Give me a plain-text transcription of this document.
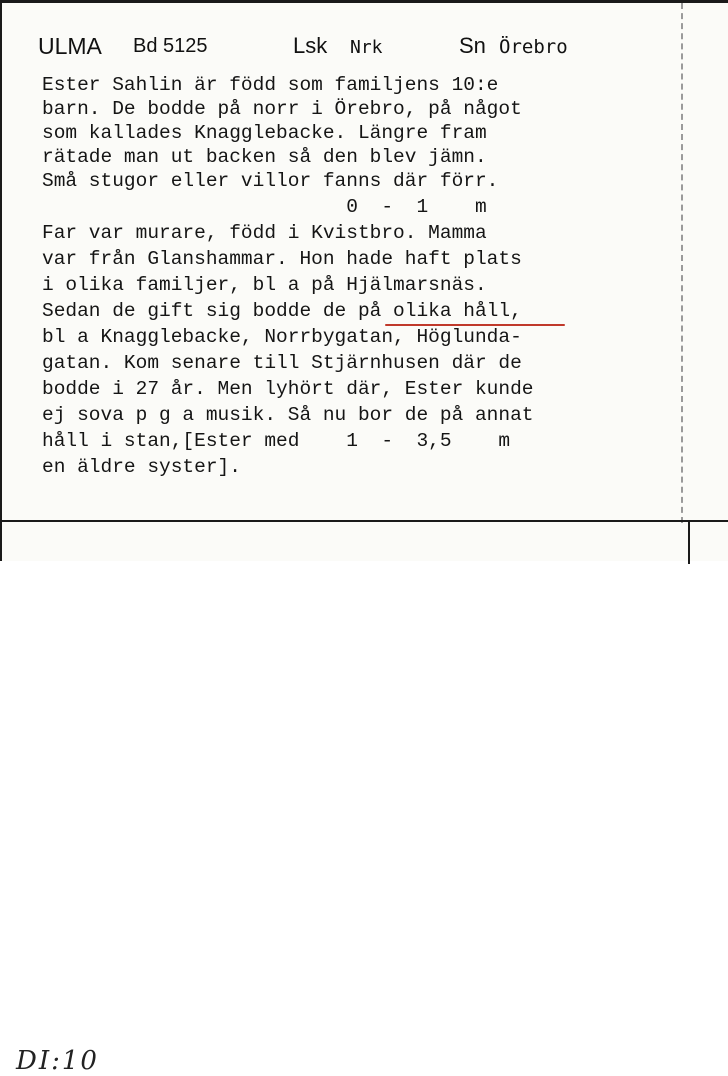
ULMA Bd 5125	Lsk Nrk	Sn Örebro
Ester Sahlin är född som familjens 10:e
barn. De bodde på norr i Örebro, på något
som kallades Knagglebacke. Längre fram
rätade man ut backen så den blev jämn.
Små stugor eller villor fanns där förr.
0  -  1    m
Far var murare, född i Kvistbro. Mamma
var från Glanshammar. Hon hade haft plats
i olika familjer, bl a på Hjälmarsnäs.
Sedan de gift sig bodde de på olika håll,
bl a Knagglebacke, Norrbygatan, Höglunda-
gatan. Kom senare till Stjärnhusen där de
bodde i 27 år. Men lyhört där, Ester kunde
ej sova p g a musik. Så nu bor de på annat
håll i stan,[Ester med    1  -  3,5    m
en äldre syster].
DI:10
